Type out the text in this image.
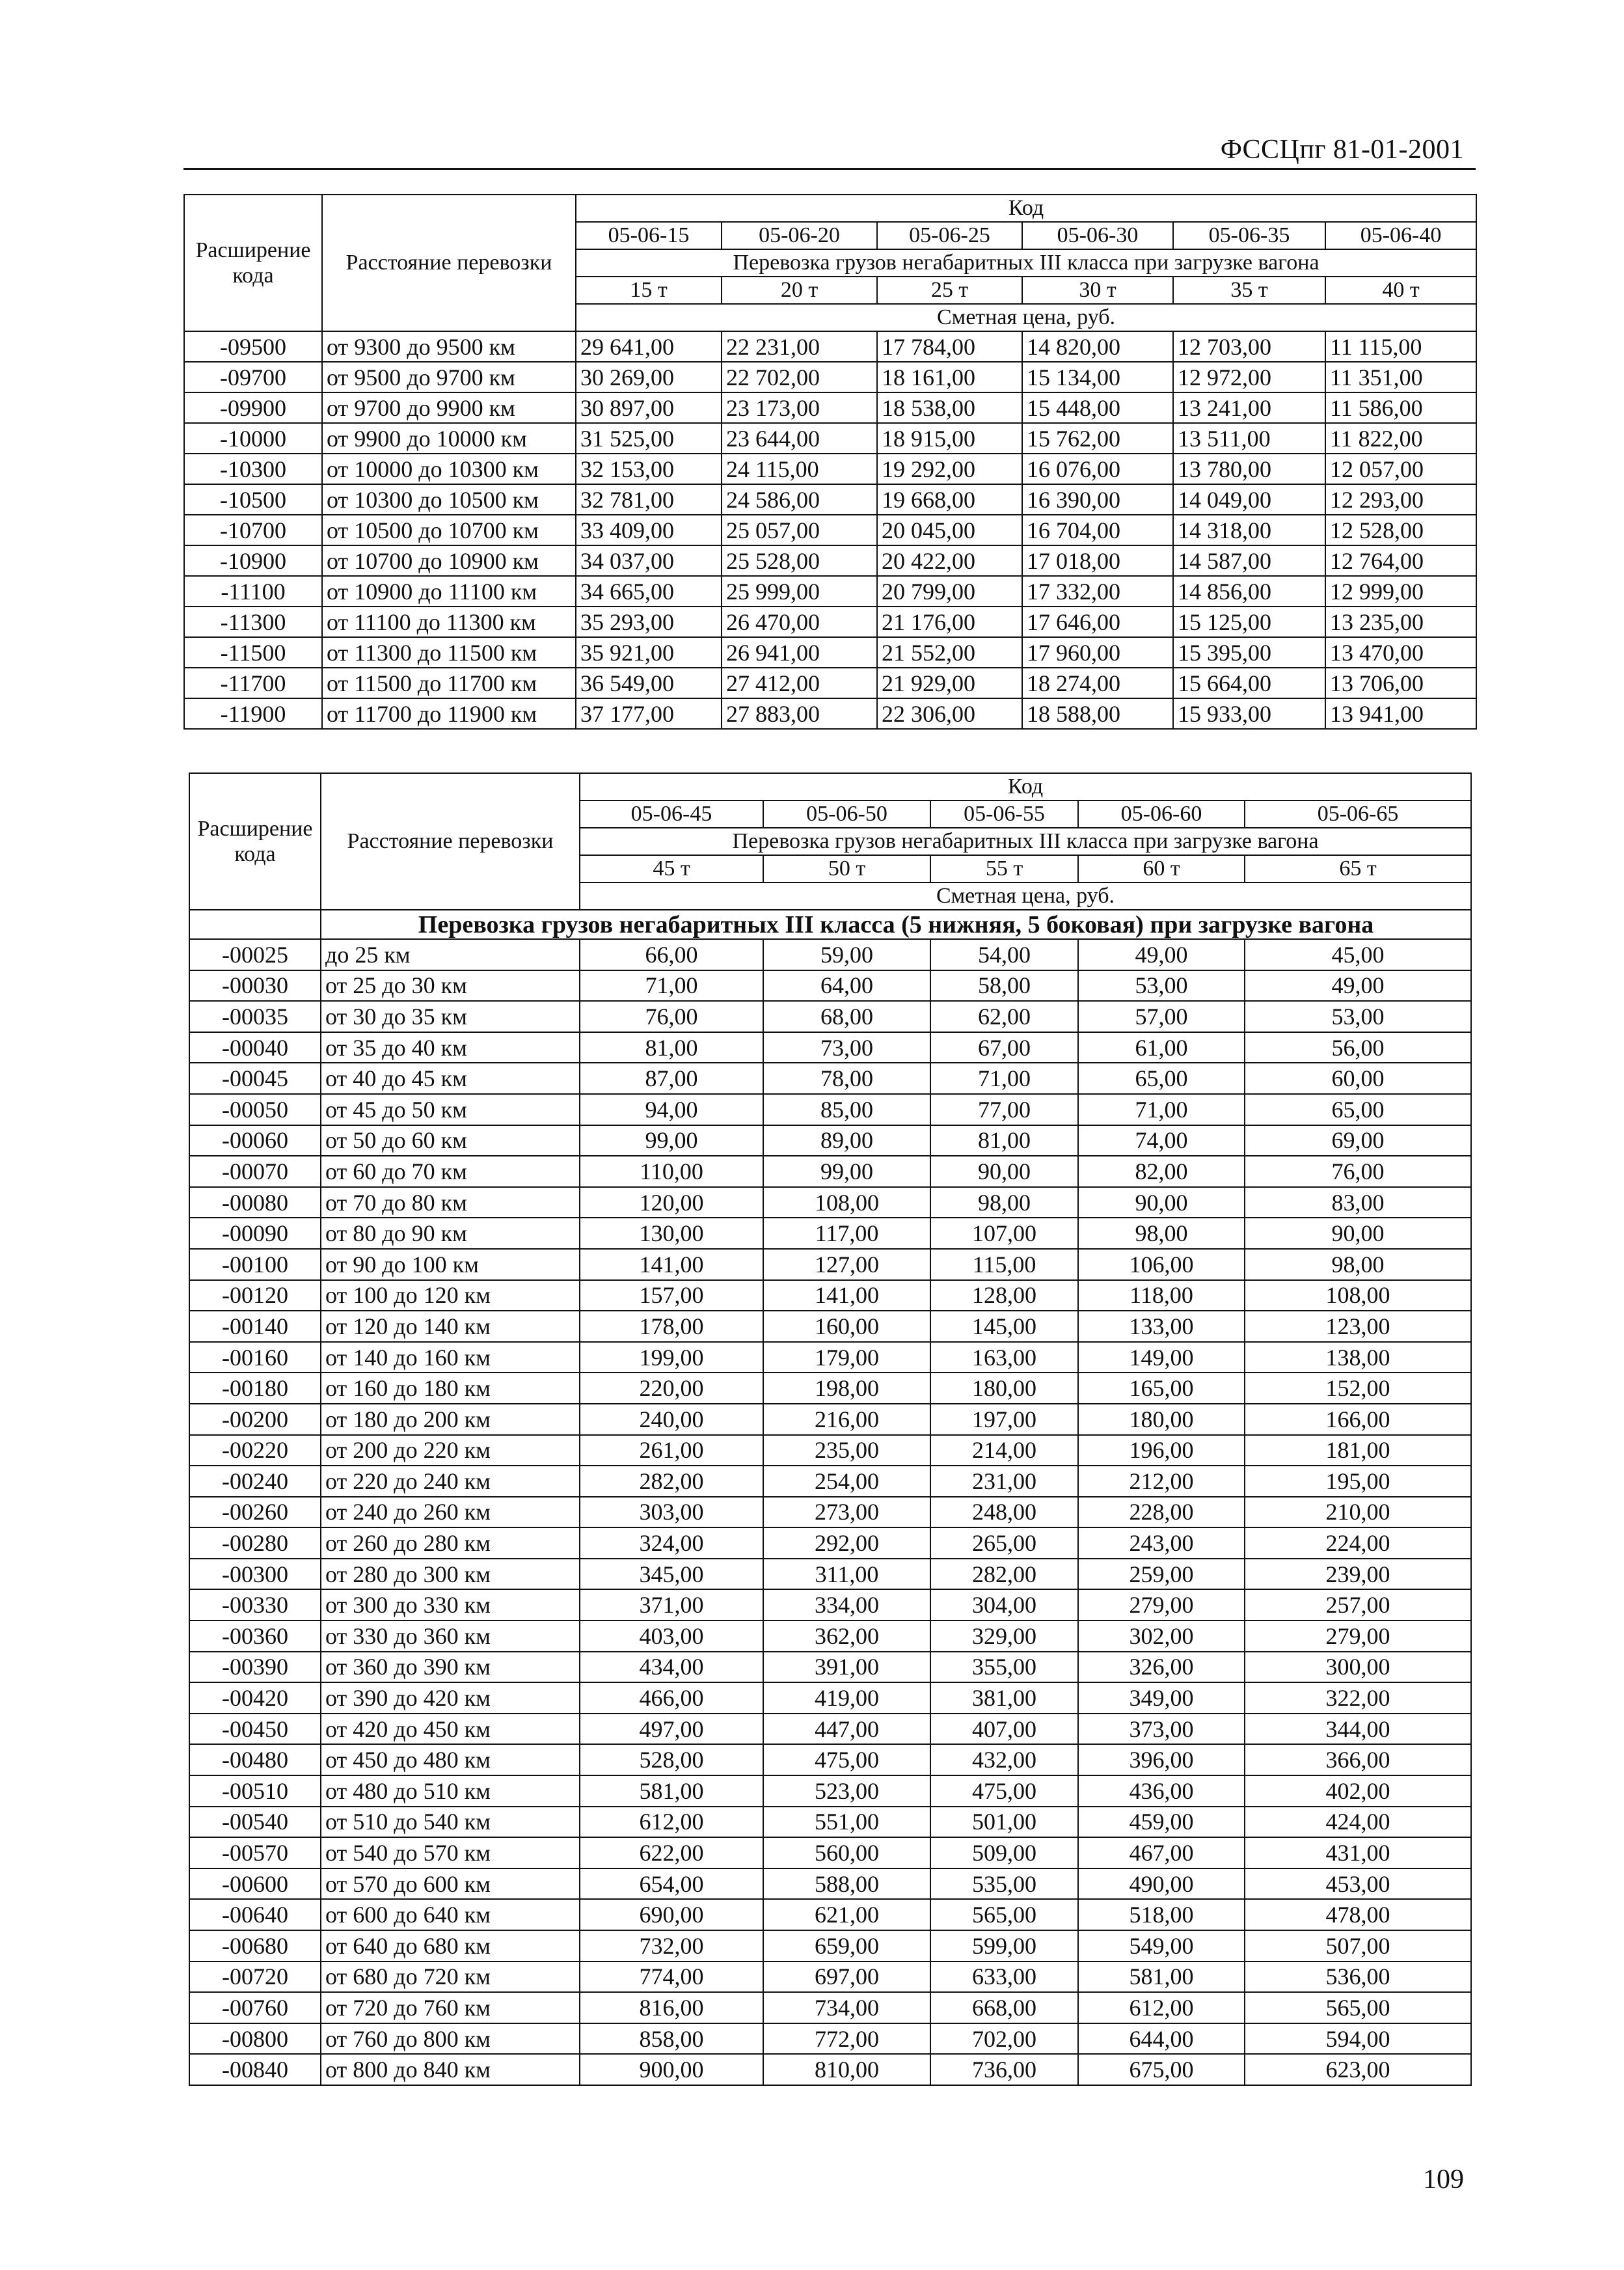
ФССЦпг 81-01-2001
Расширение кода	Расстояние перевозки	Код					
		05-06-15	05-06-20	05-06-25	05-06-30	05-06-35	05-06-40
		Перевозка грузов негабаритных III класса при загрузке вагона					
		15 т	20 т	25 т	30 т	35 т	40 т
		Сметная цена, руб.					
-09500	от 9300 до 9500 км	29 641,00	22 231,00	17 784,00	14 820,00	12 703,00	11 115,00
-09700	от 9500 до 9700 км	30 269,00	22 702,00	18 161,00	15 134,00	12 972,00	11 351,00
-09900	от 9700 до 9900 км	30 897,00	23 173,00	18 538,00	15 448,00	13 241,00	11 586,00
-10000	от 9900 до 10000 км	31 525,00	23 644,00	18 915,00	15 762,00	13 511,00	11 822,00
-10300	от 10000 до 10300 км	32 153,00	24 115,00	19 292,00	16 076,00	13 780,00	12 057,00
-10500	от 10300 до 10500 км	32 781,00	24 586,00	19 668,00	16 390,00	14 049,00	12 293,00
-10700	от 10500 до 10700 км	33 409,00	25 057,00	20 045,00	16 704,00	14 318,00	12 528,00
-10900	от 10700 до 10900 км	34 037,00	25 528,00	20 422,00	17 018,00	14 587,00	12 764,00
-11100	от 10900 до 11100 км	34 665,00	25 999,00	20 799,00	17 332,00	14 856,00	12 999,00
-11300	от 11100 до 11300 км	35 293,00	26 470,00	21 176,00	17 646,00	15 125,00	13 235,00
-11500	от 11300 до 11500 км	35 921,00	26 941,00	21 552,00	17 960,00	15 395,00	13 470,00
-11700	от 11500 до 11700 км	36 549,00	27 412,00	21 929,00	18 274,00	15 664,00	13 706,00
-11900	от 11700 до 11900 км	37 177,00	27 883,00	22 306,00	18 588,00	15 933,00	13 941,00
Расширение кода	Расстояние перевозки	Код				
		05-06-45	05-06-50	05-06-55	05-06-60	05-06-65
		Перевозка грузов негабаритных III класса при загрузке вагона				
		45 т	50 т	55 т	60 т	65 т
		Сметная цена, руб.				
	Перевозка грузов негабаритных III класса (5 нижняя, 5 боковая) при загрузке вагона					
-00025	до 25 км	66,00	59,00	54,00	49,00	45,00
-00030	от 25 до 30 км	71,00	64,00	58,00	53,00	49,00
-00035	от 30 до 35 км	76,00	68,00	62,00	57,00	53,00
-00040	от 35 до 40 км	81,00	73,00	67,00	61,00	56,00
-00045	от 40 до 45 км	87,00	78,00	71,00	65,00	60,00
-00050	от 45 до 50 км	94,00	85,00	77,00	71,00	65,00
-00060	от 50 до 60 км	99,00	89,00	81,00	74,00	69,00
-00070	от 60 до 70 км	110,00	99,00	90,00	82,00	76,00
-00080	от 70 до 80 км	120,00	108,00	98,00	90,00	83,00
-00090	от 80 до 90 км	130,00	117,00	107,00	98,00	90,00
-00100	от 90 до 100 км	141,00	127,00	115,00	106,00	98,00
-00120	от 100 до 120 км	157,00	141,00	128,00	118,00	108,00
-00140	от 120 до 140 км	178,00	160,00	145,00	133,00	123,00
-00160	от 140 до 160 км	199,00	179,00	163,00	149,00	138,00
-00180	от 160 до 180 км	220,00	198,00	180,00	165,00	152,00
-00200	от 180 до 200 км	240,00	216,00	197,00	180,00	166,00
-00220	от 200 до 220 км	261,00	235,00	214,00	196,00	181,00
-00240	от 220 до 240 км	282,00	254,00	231,00	212,00	195,00
-00260	от 240 до 260 км	303,00	273,00	248,00	228,00	210,00
-00280	от 260 до 280 км	324,00	292,00	265,00	243,00	224,00
-00300	от 280 до 300 км	345,00	311,00	282,00	259,00	239,00
-00330	от 300 до 330 км	371,00	334,00	304,00	279,00	257,00
-00360	от 330 до 360 км	403,00	362,00	329,00	302,00	279,00
-00390	от 360 до 390 км	434,00	391,00	355,00	326,00	300,00
-00420	от 390 до 420 км	466,00	419,00	381,00	349,00	322,00
-00450	от 420 до 450 км	497,00	447,00	407,00	373,00	344,00
-00480	от 450 до 480 км	528,00	475,00	432,00	396,00	366,00
-00510	от 480 до 510 км	581,00	523,00	475,00	436,00	402,00
-00540	от 510 до 540 км	612,00	551,00	501,00	459,00	424,00
-00570	от 540 до 570 км	622,00	560,00	509,00	467,00	431,00
-00600	от 570 до 600 км	654,00	588,00	535,00	490,00	453,00
-00640	от 600 до 640 км	690,00	621,00	565,00	518,00	478,00
-00680	от 640 до 680 км	732,00	659,00	599,00	549,00	507,00
-00720	от 680 до 720 км	774,00	697,00	633,00	581,00	536,00
-00760	от 720 до 760 км	816,00	734,00	668,00	612,00	565,00
-00800	от 760 до 800 км	858,00	772,00	702,00	644,00	594,00
-00840	от 800 до 840 км	900,00	810,00	736,00	675,00	623,00
109
